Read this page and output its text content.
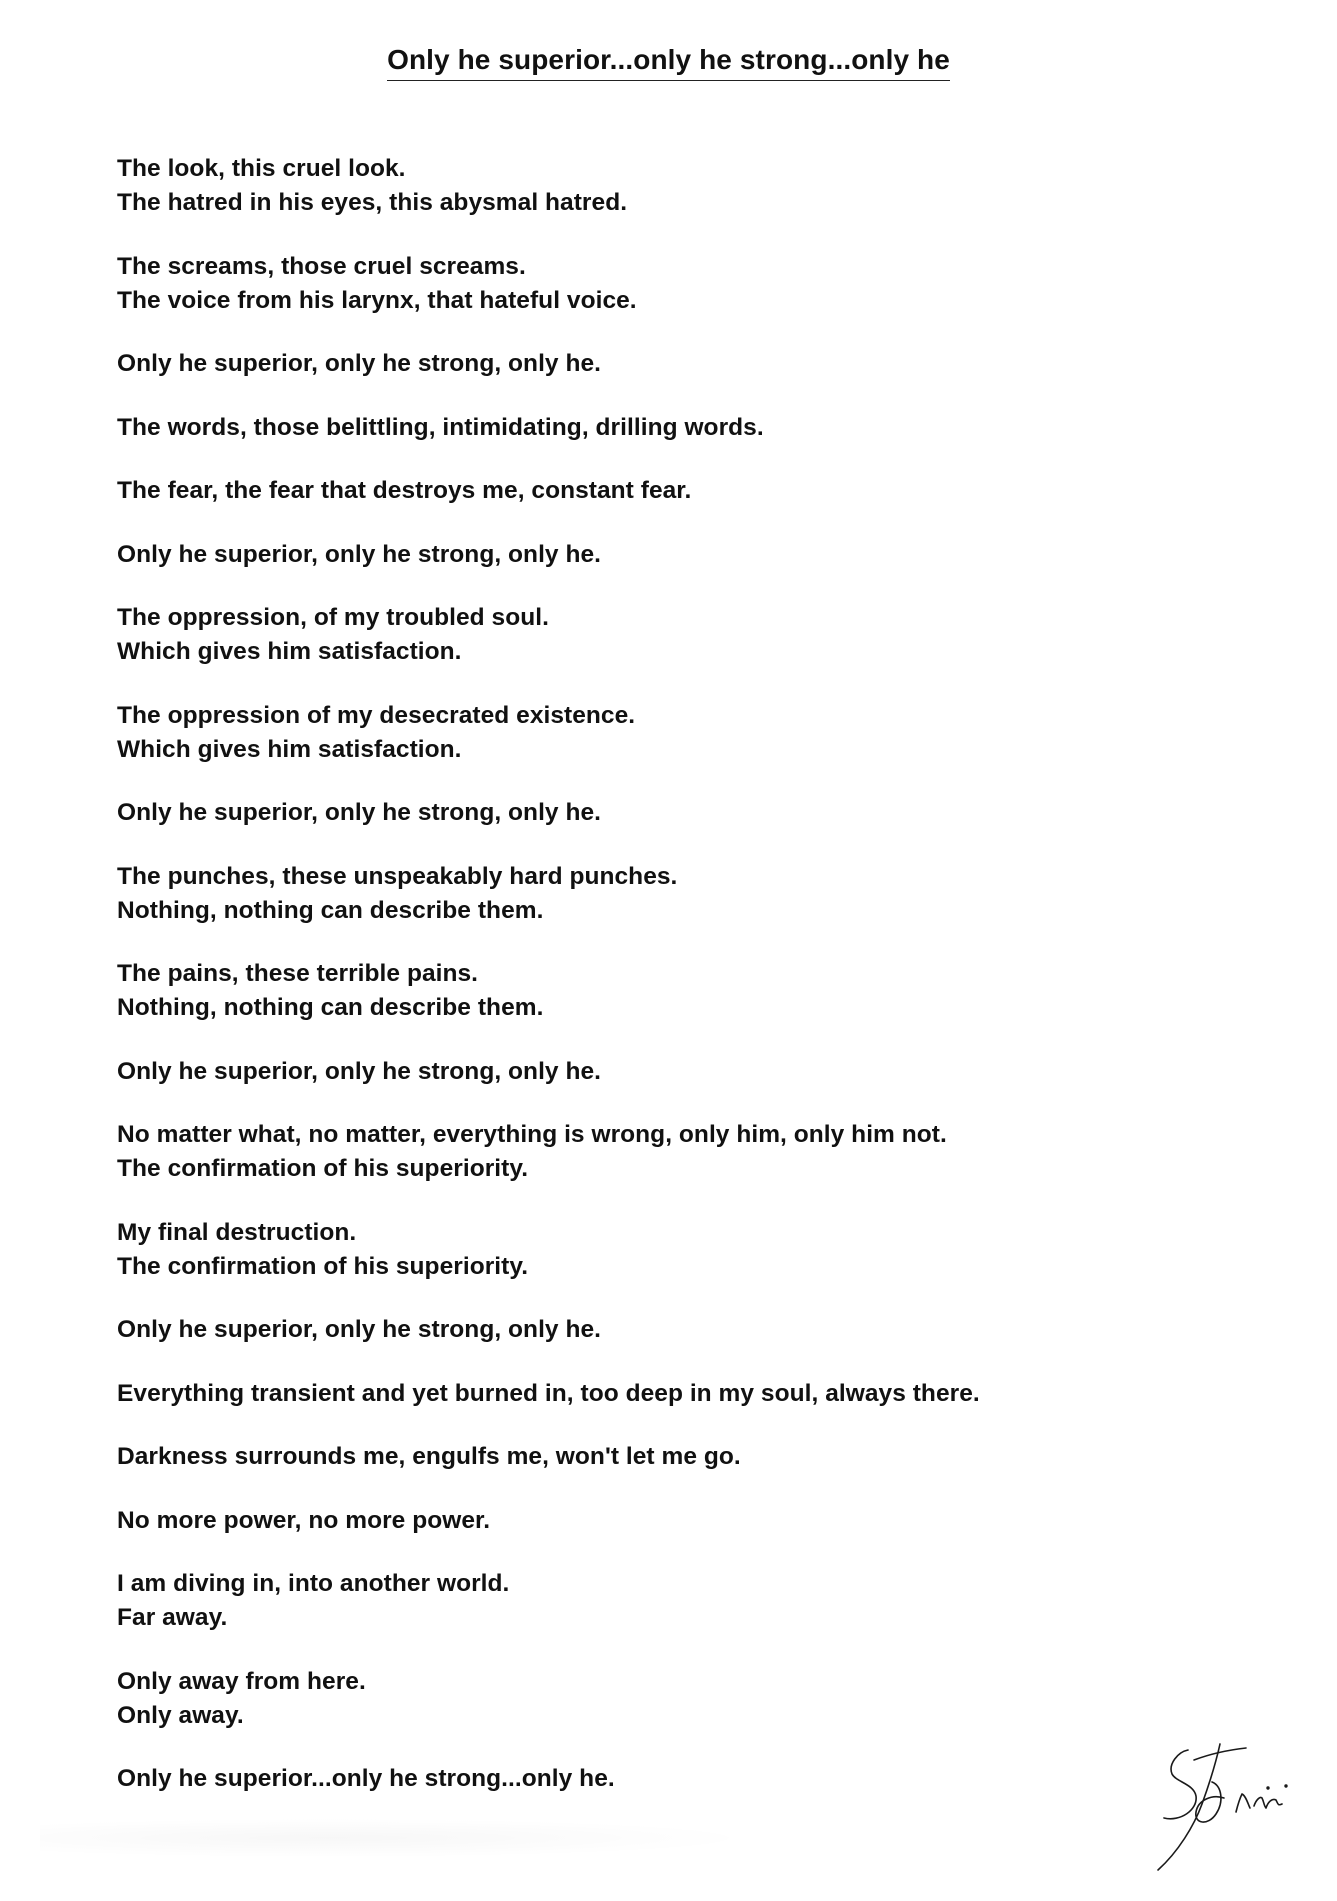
Only he superior...only he strong...only he
The look, this cruel look.
The hatred in his eyes, this abysmal hatred.
The screams, those cruel screams.
The voice from his larynx, that hateful voice.
Only he superior, only he strong, only he.
The words, those belittling, intimidating, drilling words.
The fear, the fear that destroys me, constant fear.
Only he superior, only he strong, only he.
The oppression, of my troubled soul.
Which gives him satisfaction.
The oppression of my desecrated existence.
Which gives him satisfaction.
Only he superior, only he strong, only he.
The punches, these unspeakably hard punches.
Nothing, nothing can describe them.
The pains, these terrible pains.
Nothing, nothing can describe them.
Only he superior, only he strong, only he.
No matter what, no matter, everything is wrong, only him, only him not.
The confirmation of his superiority.
My final destruction.
The confirmation of his superiority.
Only he superior, only he strong, only he.
Everything transient and yet burned in, too deep in my soul, always there.
Darkness surrounds me, engulfs me, won't let me go.
No more power, no more power.
I am diving in, into another world.
Far away.
Only away from here.
Only away.
Only he superior...only he strong...only he.
